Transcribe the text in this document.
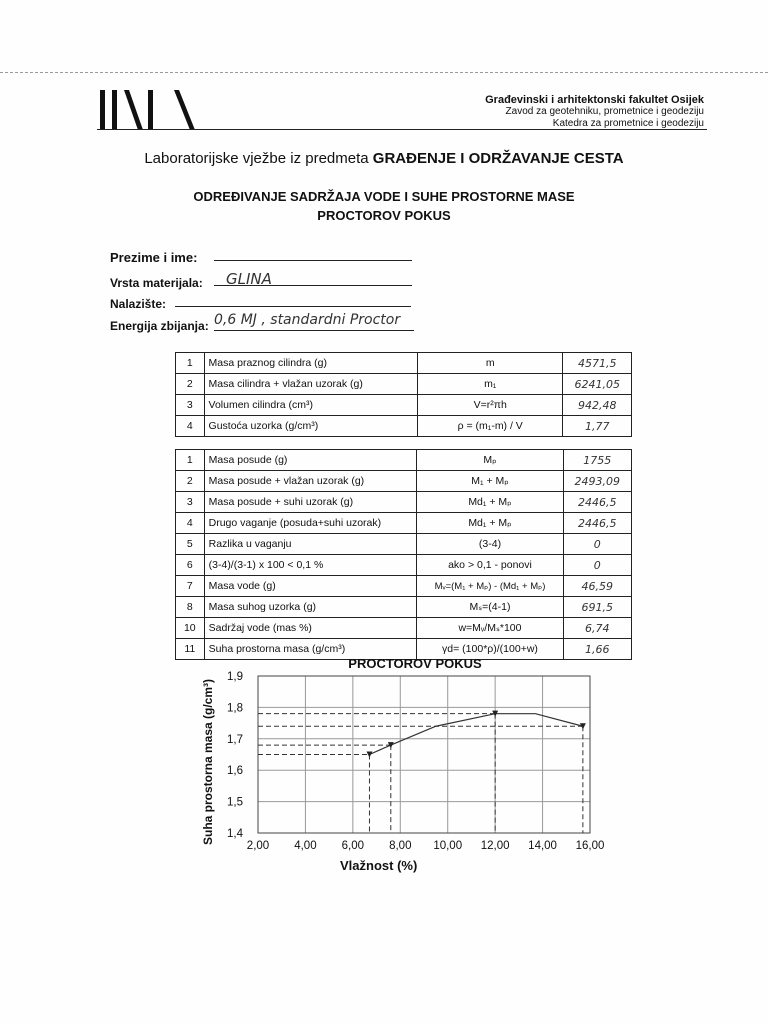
Građevinski i arhitektonski fakultet Osijek
Zavod za geotehniku, prometnice i geodeziju
Katedra za prometnice i geodeziju
Laboratorijske vježbe iz predmeta GRAĐENJE I ODRŽAVANJE CESTA
ODREĐIVANJE SADRŽAJA VODE I SUHE PROSTORNE MASE
PROCTOROV POKUS
Prezime i ime:
Vrsta materijala:	GLINA
Nalazište:
Energija zbijanja: 0,6 MJ , standardni Proctor
1	Masa praznog cilindra (g)	m	4571,5
2	Masa cilindra + vlažan uzorak (g)	m₁	6241,05
3	Volumen cilindra (cm³)	V=r²πh	942,48
4	Gustoća uzorka (g/cm³)	ρ = (m₁-m) / V	1,77
1	Masa posude (g)	Mₚ	1755
2	Masa posude + vlažan uzorak (g)	M₁ + Mₚ	2493,09
3	Masa posude + suhi uzorak (g)	Md₁ + Mₚ	2446,5
4	Drugo vaganje (posuda+suhi uzorak)	Md₁ + Mₚ	2446,5
5	Razlika u vaganju	(3-4)	0
6	(3-4)/(3-1) x 100 < 0,1 %	ako > 0,1 - ponovi	0
7	Masa vode (g)	Mᵥ=(M₁ + Mₚ) - (Md₁ + Mₚ)	46,59
8	Masa suhog uzorka (g)	Mₛ=(4-1)	691,5
10	Sadržaj vode (mas %)	w=Mᵥ/Mₛ*100	6,74
11	Suha prostorna masa (g/cm³)	γd= (100*ρ)/(100+w)	1,66
PROCTOROV POKUS
Suha prostorna masa (g/cm³)
2,00 4,00 6,00 8,00 10,00 12,00 14,00 16,00
1,4
1,5
1,6
1,7
1,8
1,9
Vlažnost (%)
